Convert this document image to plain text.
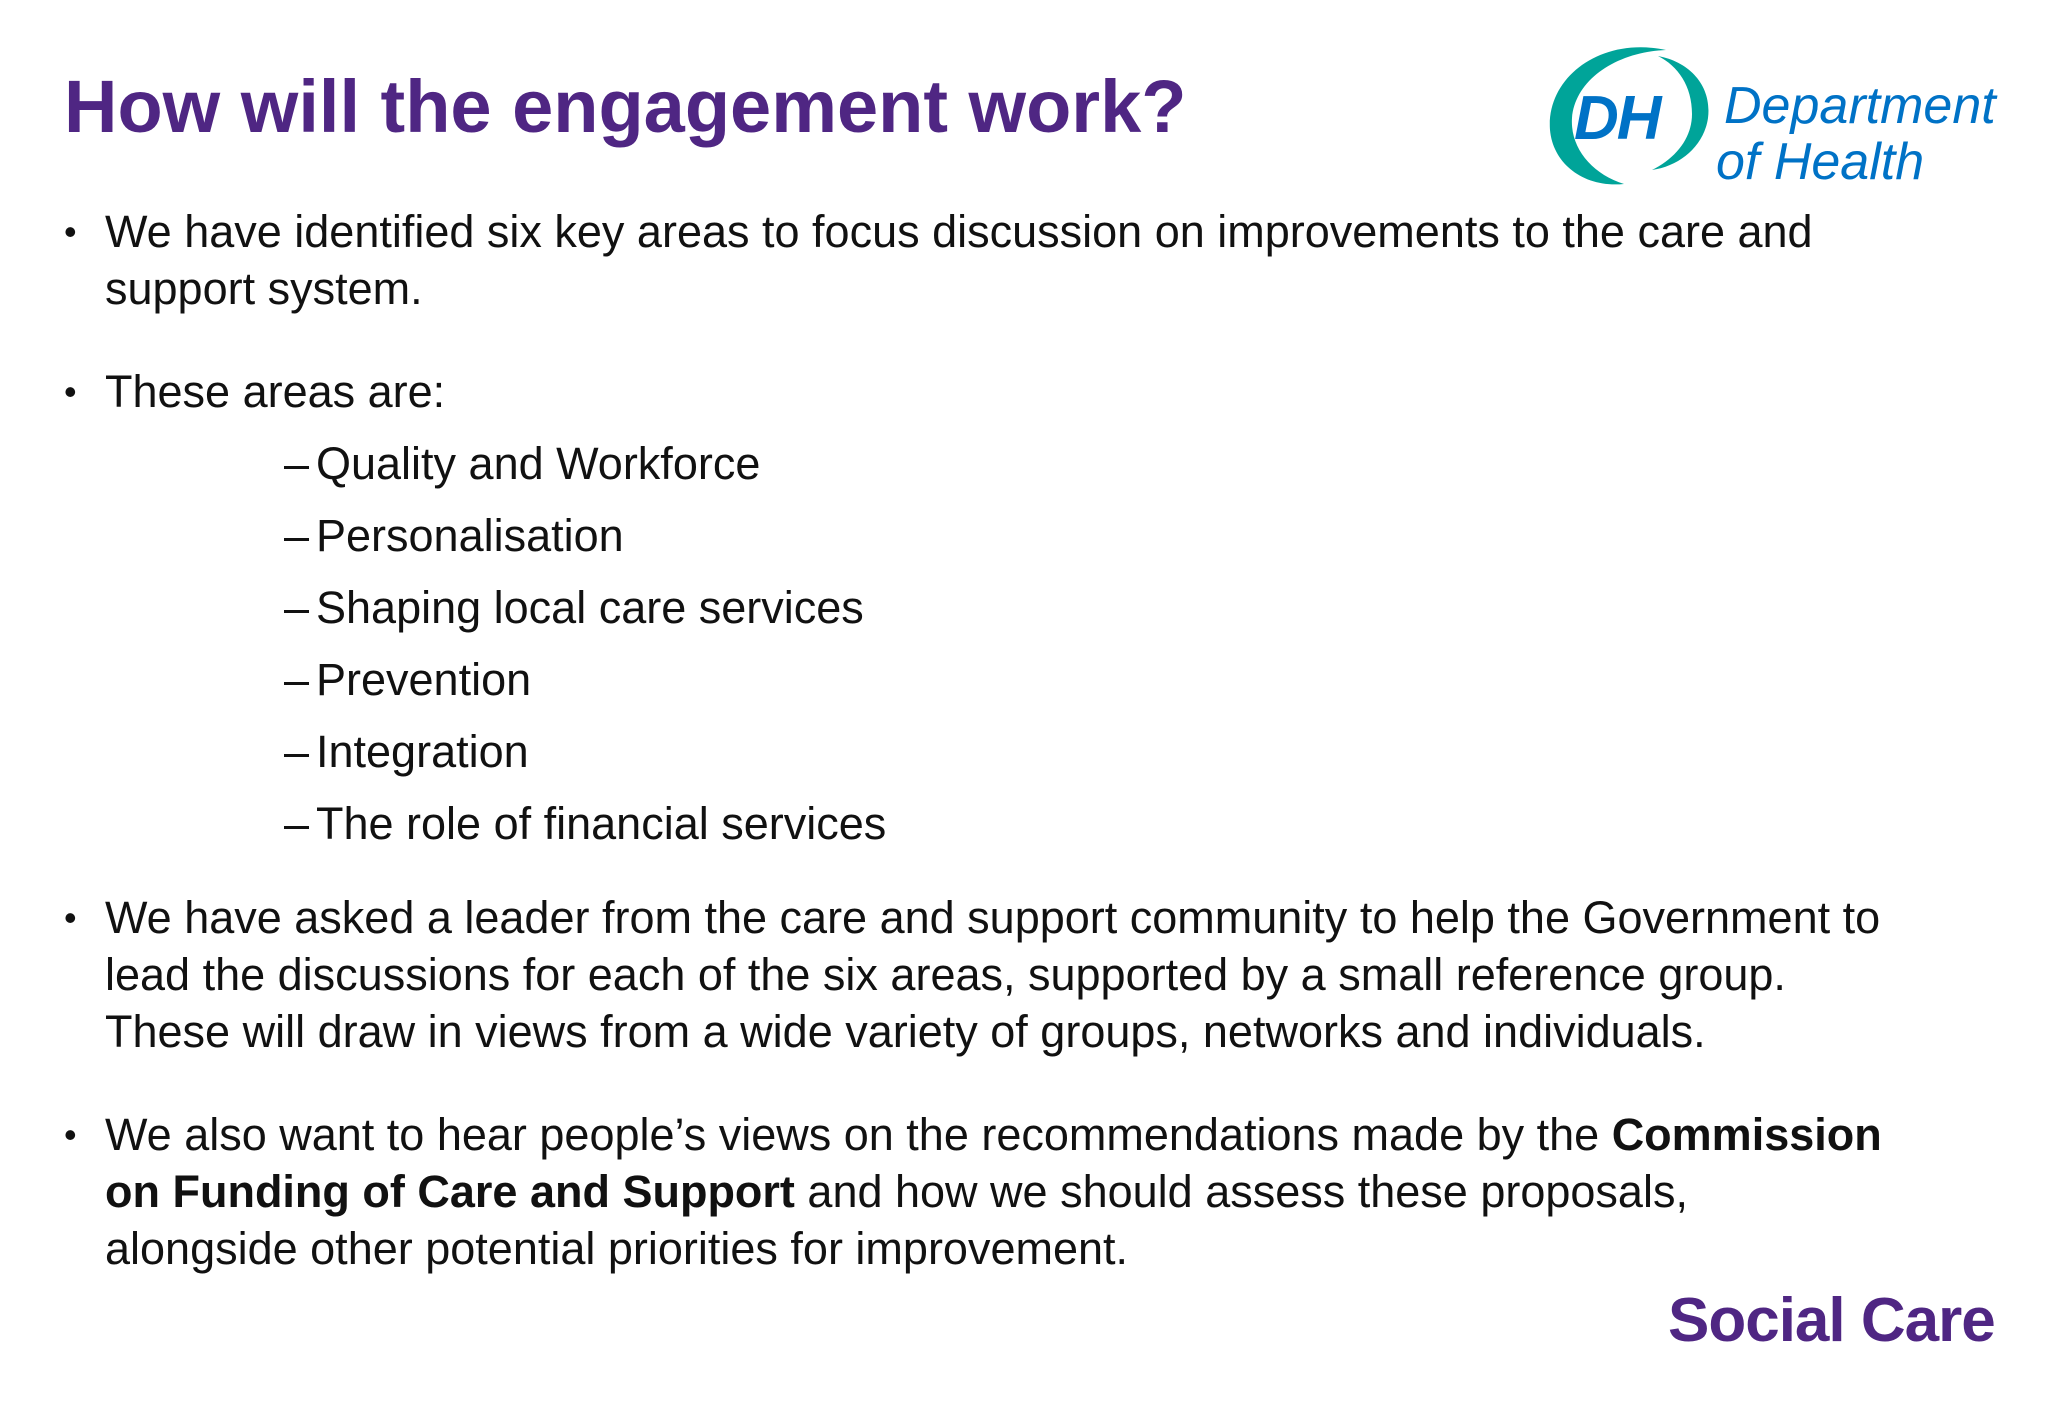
How will the engagement work?	DH Department
of Health
• We have identified six key areas to focus discussion on improvements to the care and support system.
• These areas are:
– Quality and Workforce
– Personalisation
– Shaping local care services
– Prevention
– Integration
– The role of financial services
• We have asked a leader from the care and support community to help the Government to lead the discussions for each of the six areas, supported by a small reference group. These will draw in views from a wide variety of groups, networks and individuals.
• We also want to hear people’s views on the recommendations made by the Commission on Funding of Care and Support and how we should assess these proposals, alongside other potential priorities for improvement.
Social Care
